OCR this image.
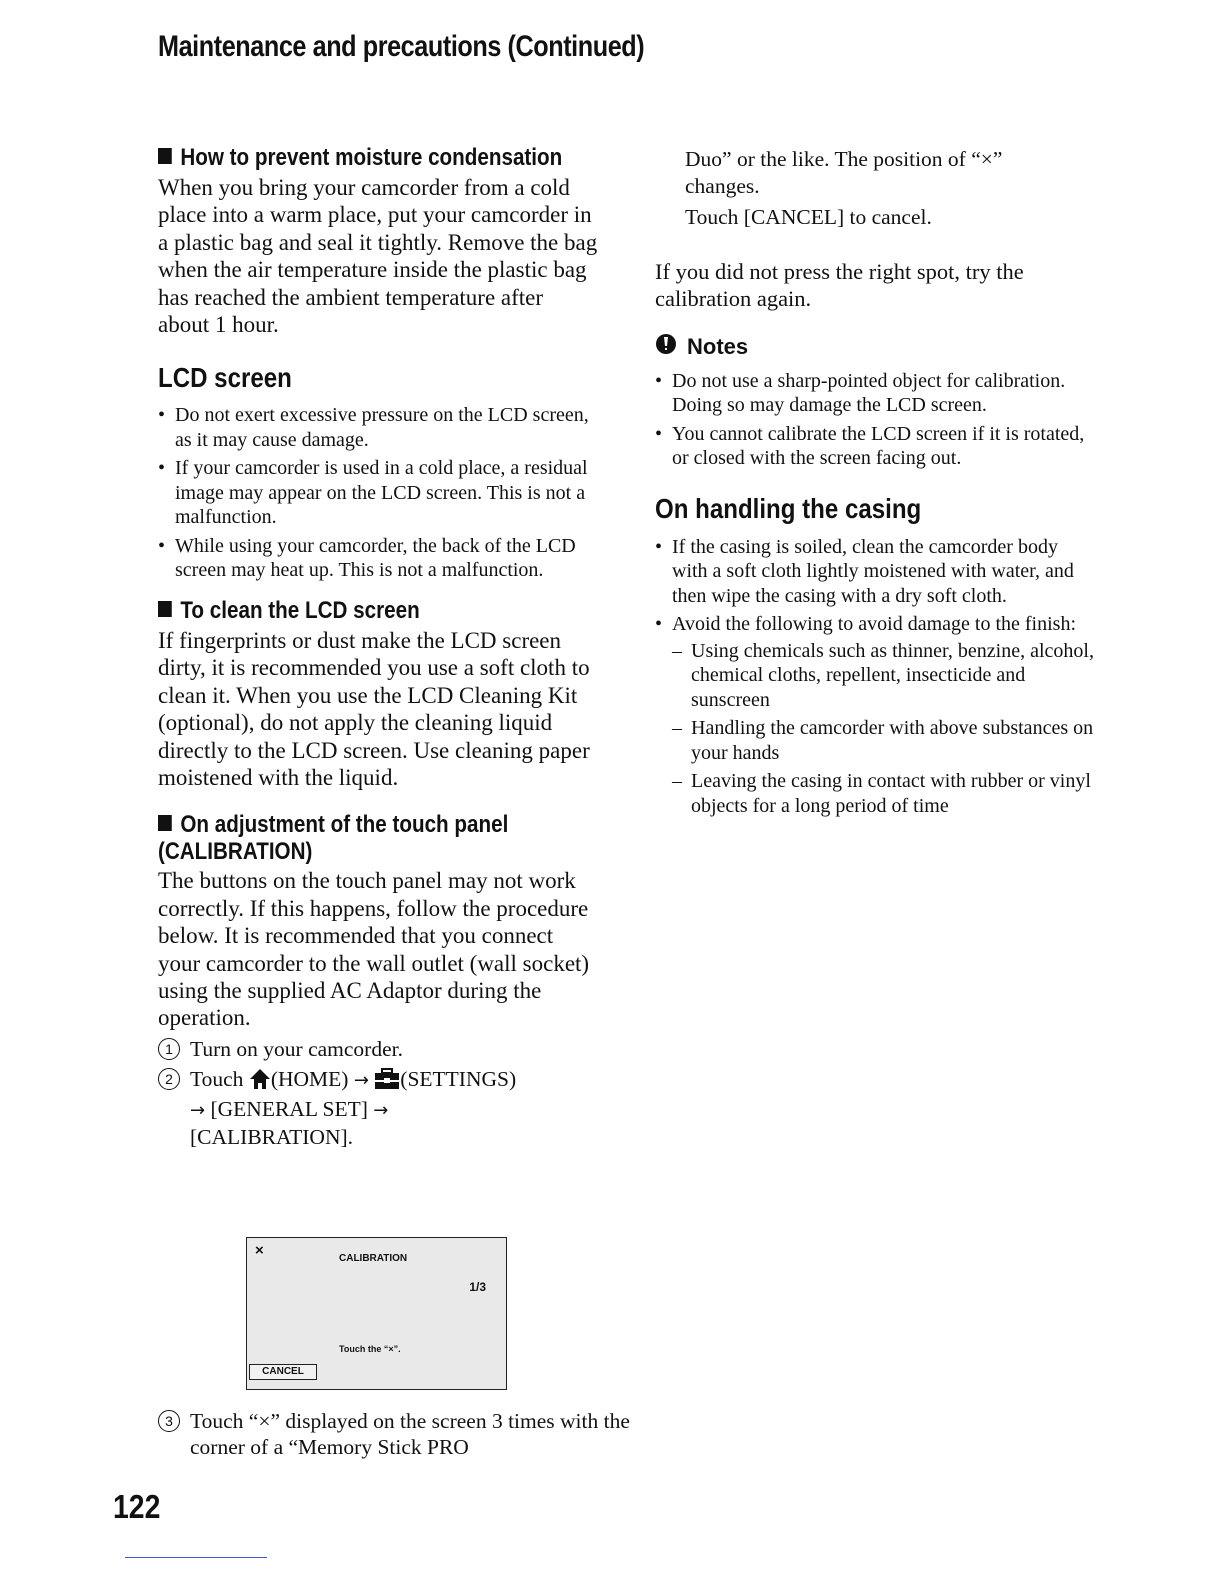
Maintenance and precautions (Continued)
How to prevent moisture condensation

When you bring your camcorder from a cold place into a warm place, put your camcorder in a plastic bag and seal it tightly. Remove the bag when the air temperature inside the plastic bag has reached the ambient temperature after about 1 hour.

LCD screen
• Do not exert excessive pressure on the LCD screen, as it may cause damage.
• If your camcorder is used in a cold place, a residual image may appear on the LCD screen. This is not a malfunction.
• While using your camcorder, the back of the LCD screen may heat up. This is not a malfunction.
To clean the LCD screen

If fingerprints or dust make the LCD screen dirty, it is recommended you use a soft cloth to clean it. When you use the LCD Cleaning Kit (optional), do not apply the cleaning liquid directly to the LCD screen. Use cleaning paper moistened with the liquid.

On adjustment of the touch panel
(CALIBRATION)

The buttons on the touch panel may not work correctly. If this happens, follow the procedure below. It is recommended that you connect your camcorder to the wall outlet (wall socket) using the supplied AC Adaptor during the operation.

1 Turn on your camcorder.

2 Touch (HOME) → (SETTINGS)
→ [GENERAL SET] →
[CALIBRATION].

×	CALIBRATION
1/3
Touch the “×”.
CANCEL

3 Touch “×” displayed on the screen 3 times with the corner of a “Memory Stick PRO

Duo” or the like. The position of “×”
changes.

Touch [CANCEL] to cancel.

If you did not press the right spot, try the calibration again.

Notes
• Do not use a sharp-pointed object for calibration. Doing so may damage the LCD screen.
• You cannot calibrate the LCD screen if it is rotated, or closed with the screen facing out.
On handling the casing
• If the casing is soiled, clean the camcorder body with a soft cloth lightly moistened with water, and then wipe the casing with a dry soft cloth.
• Avoid the following to avoid damage to the finish:
– Using chemicals such as thinner, benzine, alcohol, chemical cloths, repellent, insecticide and sunscreen
– Handling the camcorder with above substances on your hands
– Leaving the casing in contact with rubber or vinyl objects for a long period of time
122
